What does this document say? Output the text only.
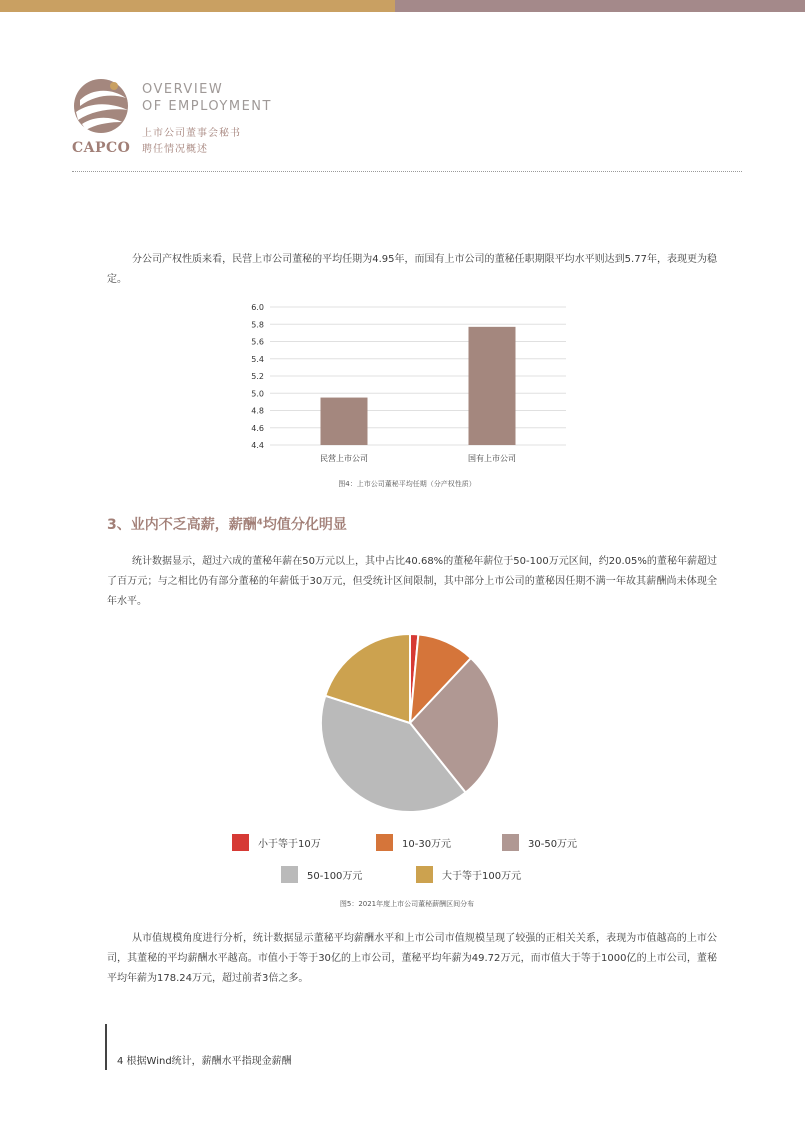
CAPCO
OVERVIEW
OF EMPLOYMENT
上市公司董事会秘书
聘任情况概述

分公司产权性质来看，民营上市公司董秘的平均任期为4.95年，而国有上市公司的董秘任职期限平均水平则达到5.77年，表现更为稳定。

4.4
4.6
4.8
5.0
5.2
5.4
5.6
5.8
6.0
民营上市公司	国有上市公司
图4：上市公司董秘平均任期（分产权性质）
3、业内不乏高薪，薪酬⁴均值分化明显

统计数据显示，超过六成的董秘年薪在50万元以上，其中占比40.68%的董秘年薪位于50-100万元区间，约20.05%的董秘年薪超过了百万元；与之相比仍有部分董秘的年薪低于30万元，但受统计区间限制，其中部分上市公司的董秘因任期不满一年故其薪酬尚未体现全年水平。

小于等于10万	10-30万元	30-50万元
50-100万元	大于等于100万元
图5：2021年度上市公司董秘薪酬区间分布

从市值规模角度进行分析，统计数据显示董秘平均薪酬水平和上市公司市值规模呈现了较强的正相关关系，表现为市值越高的上市公司，其董秘的平均薪酬水平越高。市值小于等于30亿的上市公司，董秘平均年薪为49.72万元，而市值大于等于1000亿的上市公司，董秘平均年薪为178.24万元，超过前者3倍之多。

4 根据Wind统计，薪酬水平指现金薪酬
